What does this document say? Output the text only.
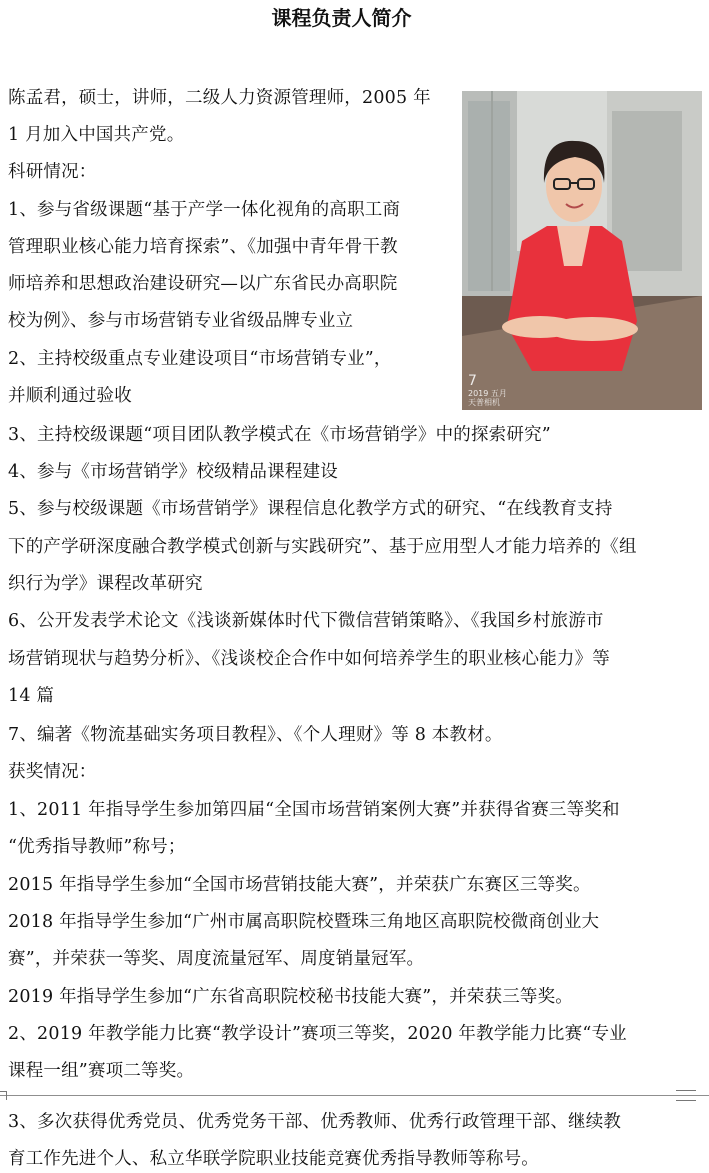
课程负责人简介
7
2019 五月
天普相机
陈孟君，硕士，讲师，二级人力资源管理师，2005 年
1 月加入中国共产党。
科研情况：
1、参与省级课题“基于产学一体化视角的高职工商
管理职业核心能力培育探索”、《加强中青年骨干教
师培养和思想政治建设研究—以广东省民办高职院
校为例》、参与市场营销专业省级品牌专业立
2、主持校级重点专业建设项目“市场营销专业”，
并顺利通过验收
3、主持校级课题“项目团队教学模式在《市场营销学》中的探索研究”
4、参与《市场营销学》校级精品课程建设
5、参与校级课题《市场营销学》课程信息化教学方式的研究、“在线教育支持
下的产学研深度融合教学模式创新与实践研究”、基于应用型人才能力培养的《组
织行为学》课程改革研究
6、公开发表学术论文《浅谈新媒体时代下微信营销策略》、《我国乡村旅游市
场营销现状与趋势分析》、《浅谈校企合作中如何培养学生的职业核心能力》等
14 篇
7、编著《物流基础实务项目教程》、《个人理财》等 8 本教材。
获奖情况：
1、2011 年指导学生参加第四届“全国市场营销案例大赛”并获得省赛三等奖和
“优秀指导教师”称号；
2015 年指导学生参加“全国市场营销技能大赛”，并荣获广东赛区三等奖。
2018 年指导学生参加“广州市属高职院校暨珠三角地区高职院校微商创业大
赛”，并荣获一等奖、周度流量冠军、周度销量冠军。
2019 年指导学生参加“广东省高职院校秘书技能大赛”，并荣获三等奖。
2、2019 年教学能力比赛“教学设计”赛项三等奖，2020 年教学能力比赛“专业
课程一组”赛项二等奖。
3、多次获得优秀党员、优秀党务干部、优秀教师、优秀行政管理干部、继续教
育工作先进个人、私立华联学院职业技能竞赛优秀指导教师等称号。
